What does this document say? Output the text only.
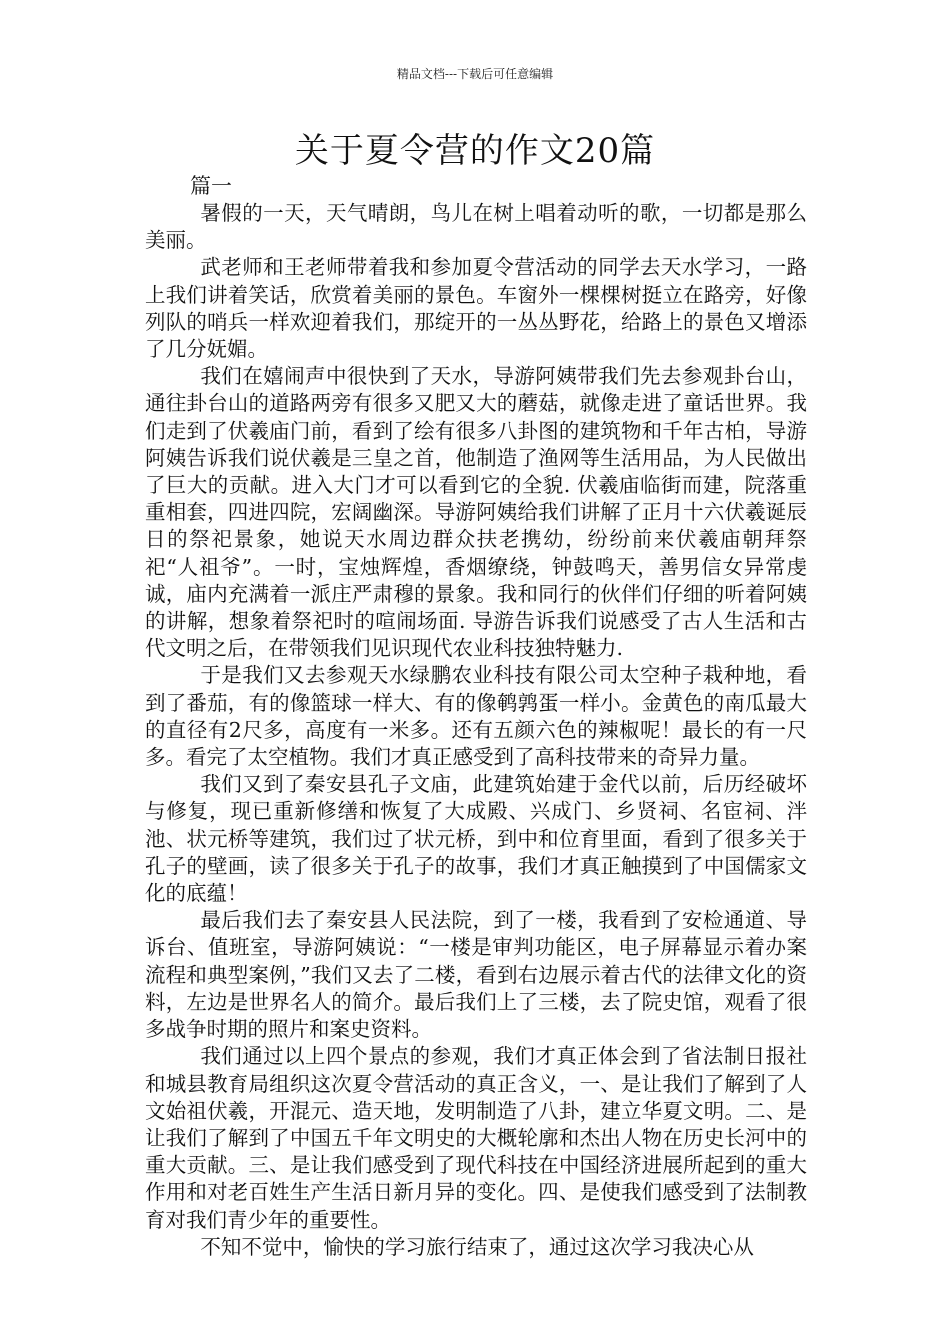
精品文档---下载后可任意编辑
关于夏令营的作文20篇
篇一

暑假的一天，天气晴朗，鸟儿在树上唱着动听的歌，一切都是那么美丽。

武老师和王老师带着我和参加夏令营活动的同学去天水学习，一路上我们讲着笑话，欣赏着美丽的景色。车窗外一棵棵树挺立在路旁，好像列队的哨兵一样欢迎着我们，那绽开的一丛丛野花，给路上的景色又增添了几分妩媚。

我们在嬉闹声中很快到了天水，导游阿姨带我们先去参观卦台山，通往卦台山的道路两旁有很多又肥又大的蘑菇，就像走进了童话世界。我们走到了伏羲庙门前，看到了绘有很多八卦图的建筑物和千年古柏，导游阿姨告诉我们说伏羲是三皇之首，他制造了渔网等生活用品，为人民做出了巨大的贡献。进入大门才可以看到它的全貌. 伏羲庙临街而建，院落重重相套，四进四院，宏阔幽深。导游阿姨给我们讲解了正月十六伏羲诞辰日的祭祀景象，她说天水周边群众扶老携幼，纷纷前来伏羲庙朝拜祭祀“人祖爷”。一时，宝烛辉煌，香烟缭绕，钟鼓鸣天，善男信女异常虔诚，庙内充满着一派庄严肃穆的景象。我和同行的伙伴们仔细的听着阿姨的讲解，想象着祭祀时的喧闹场面. 导游告诉我们说感受了古人生活和古代文明之后，在带领我们见识现代农业科技独特魅力.

于是我们又去参观天水绿鹏农业科技有限公司太空种子栽种地，看到了番茄，有的像篮球一样大、有的像鹌鹑蛋一样小。金黄色的南瓜最大的直径有2尺多，高度有一米多。还有五颜六色的辣椒呢！最长的有一尺多。看完了太空植物。我们才真正感受到了高科技带来的奇异力量。

我们又到了秦安县孔子文庙，此建筑始建于金代以前，后历经破坏与修复，现已重新修缮和恢复了大成殿、兴成门、乡贤祠、名宦祠、泮池、状元桥等建筑，我们过了状元桥，到中和位育里面，看到了很多关于孔子的壁画，读了很多关于孔子的故事，我们才真正触摸到了中国儒家文化的底蕴！

最后我们去了秦安县人民法院，到了一楼，我看到了安检通道、导诉台、值班室，导游阿姨说：“一楼是审判功能区，电子屏幕显示着办案流程和典型案例，”我们又去了二楼，看到右边展示着古代的法律文化的资料，左边是世界名人的简介。最后我们上了三楼，去了院史馆，观看了很多战争时期的照片和案史资料。

我们通过以上四个景点的参观，我们才真正体会到了省法制日报社和城县教育局组织这次夏令营活动的真正含义，一、是让我们了解到了人文始祖伏羲，开混元、造天地，发明制造了八卦，建立华夏文明。二、是让我们了解到了中国五千年文明史的大概轮廓和杰出人物在历史长河中的重大贡献。三、是让我们感受到了现代科技在中国经济进展所起到的重大作用和对老百姓生产生活日新月异的变化。四、是使我们感受到了法制教育对我们青少年的重要性。

不知不觉中，愉快的学习旅行结束了，通过这次学习我决心从
